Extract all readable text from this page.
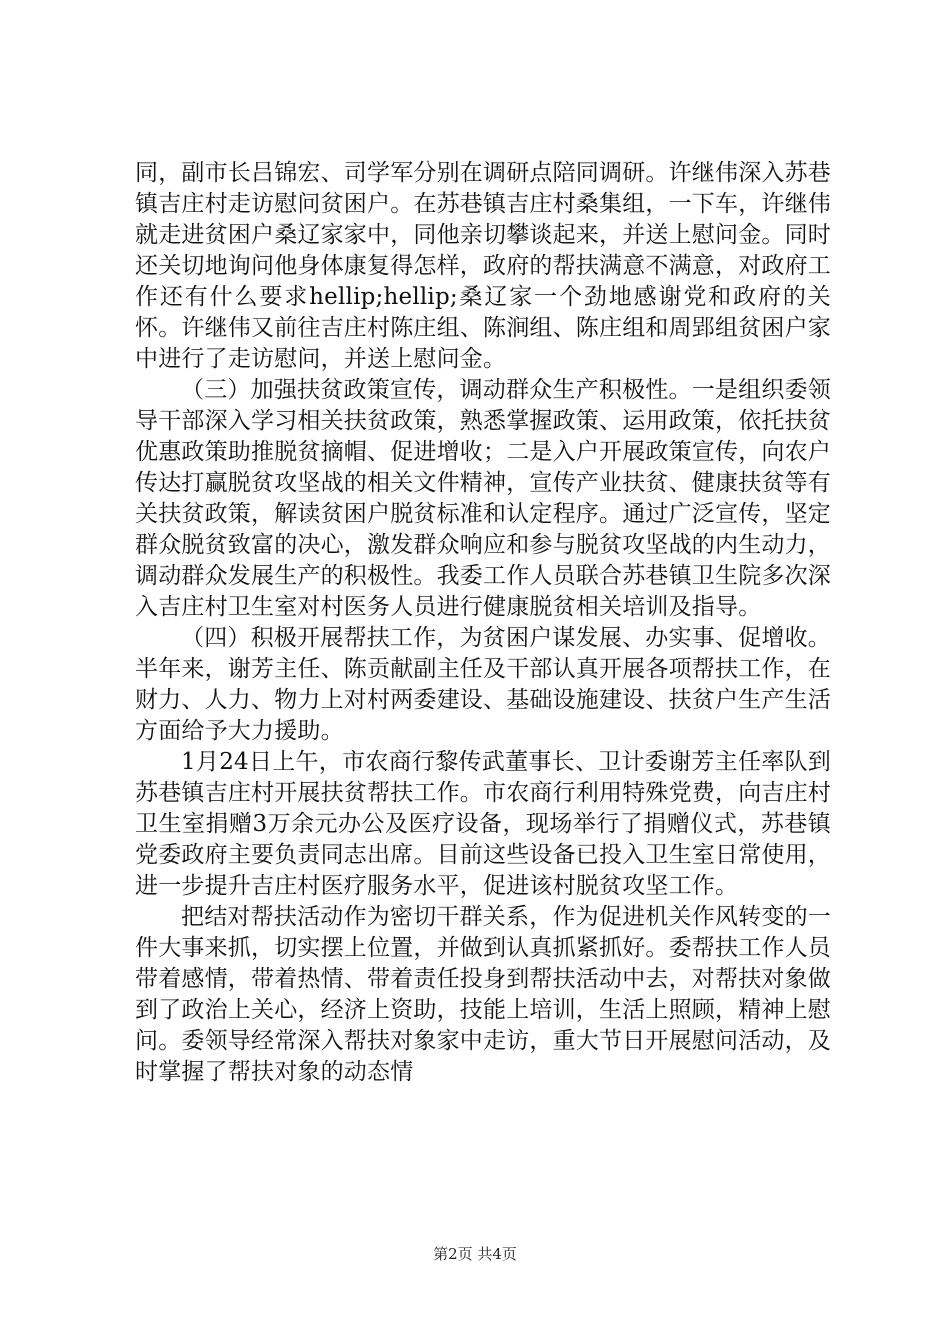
同，副市长吕锦宏、司学军分别在调研点陪同调研。许继伟深入苏巷镇吉庄村走访慰问贫困户。在苏巷镇吉庄村桑集组，一下车，许继伟就走进贫困户桑辽家家中，同他亲切攀谈起来，并送上慰问金。同时还关切地询问他身体康复得怎样，政府的帮扶满意不满意，对政府工作还有什么要求hellip;hellip;桑辽家一个劲地感谢党和政府的关怀。许继伟又前往吉庄村陈庄组、陈涧组、陈庄组和周郢组贫困户家中进行了走访慰问，并送上慰问金。

（三）加强扶贫政策宣传，调动群众生产积极性。一是组织委领导干部深入学习相关扶贫政策，熟悉掌握政策、运用政策，依托扶贫优惠政策助推脱贫摘帽、促进增收；二是入户开展政策宣传，向农户传达打赢脱贫攻坚战的相关文件精神，宣传产业扶贫、健康扶贫等有关扶贫政策，解读贫困户脱贫标准和认定程序。通过广泛宣传，坚定群众脱贫致富的决心，激发群众响应和参与脱贫攻坚战的内生动力，调动群众发展生产的积极性。我委工作人员联合苏巷镇卫生院多次深入吉庄村卫生室对村医务人员进行健康脱贫相关培训及指导。

（四）积极开展帮扶工作，为贫困户谋发展、办实事、促增收。半年来，谢芳主任、陈贡献副主任及干部认真开展各项帮扶工作，在财力、人力、物力上对村两委建设、基础设施建设、扶贫户生产生活方面给予大力援助。

1月24日上午，市农商行黎传武董事长、卫计委谢芳主任率队到苏巷镇吉庄村开展扶贫帮扶工作。市农商行利用特殊党费，向吉庄村卫生室捐赠3万余元办公及医疗设备，现场举行了捐赠仪式，苏巷镇党委政府主要负责同志出席。目前这些设备已投入卫生室日常使用，进一步提升吉庄村医疗服务水平，促进该村脱贫攻坚工作。

把结对帮扶活动作为密切干群关系，作为促进机关作风转变的一件大事来抓，切实摆上位置，并做到认真抓紧抓好。委帮扶工作人员带着感情，带着热情、带着责任投身到帮扶活动中去，对帮扶对象做到了政治上关心，经济上资助，技能上培训，生活上照顾，精神上慰问。委领导经常深入帮扶对象家中走访，重大节日开展慰问活动，及时掌握了帮扶对象的动态情

第2页 共4页
